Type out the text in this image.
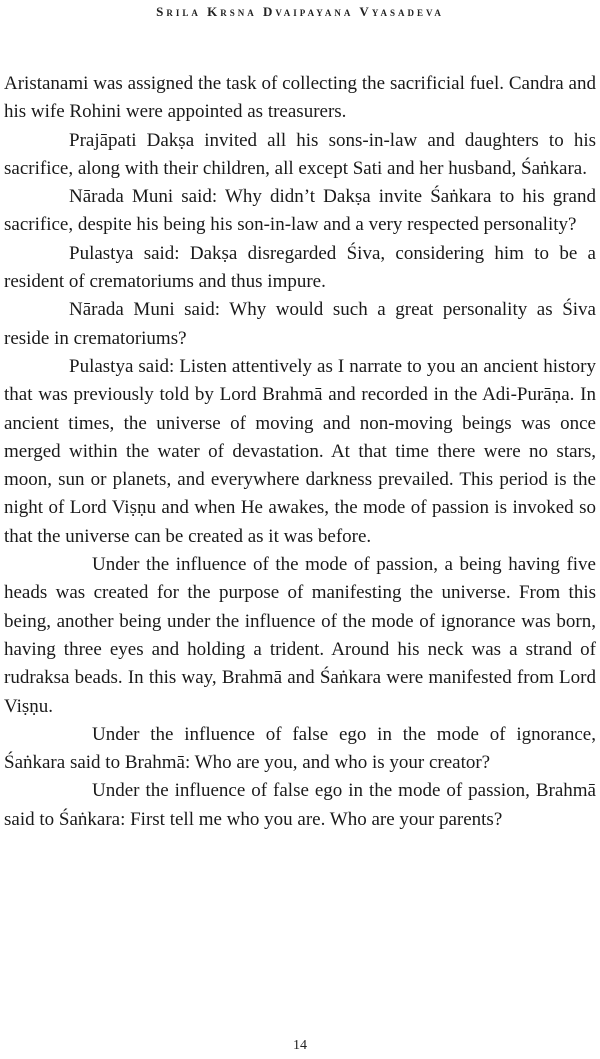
Srila Krsna Dvaipayana Vyasadeva

Aristanami was assigned the task of collecting the sacrificial fuel. Candra and his wife Rohini were appointed as treasurers.

Prajāpati Dakṣa invited all his sons-in-law and daughters to his sacrifice, along with their children, all except Sati and her husband, Śaṅkara.

Nārada Muni said: Why didn’t Dakṣa invite Śaṅkara to his grand sacrifice, despite his being his son-in-law and a very respected personality?

Pulastya said: Dakṣa disregarded Śiva, considering him to be a resident of crematoriums and thus impure.

Nārada Muni said: Why would such a great personality as Śiva reside in crematoriums?

Pulastya said: Listen attentively as I narrate to you an ancient history that was previously told by Lord Brahmā and recorded in the Adi-Purāṇa. In ancient times, the universe of moving and non-moving beings was once merged within the water of devastation. At that time there were no stars, moon, sun or planets, and everywhere darkness prevailed. This period is the night of Lord Viṣṇu and when He awakes, the mode of passion is invoked so that the universe can be created as it was before.

Under the influence of the mode of passion, a being having five heads was created for the purpose of manifesting the universe. From this being, another being under the influence of the mode of ignorance was born, having three eyes and holding a trident. Around his neck was a strand of rudraksa beads. In this way, Brahmā and Śaṅkara were manifested from Lord Viṣṇu.

Under the influence of false ego in the mode of ignorance, Śaṅkara said to Brahmā: Who are you, and who is your creator?

Under the influence of false ego in the mode of passion, Brahmā said to Śaṅkara: First tell me who you are. Who are your parents?

14
